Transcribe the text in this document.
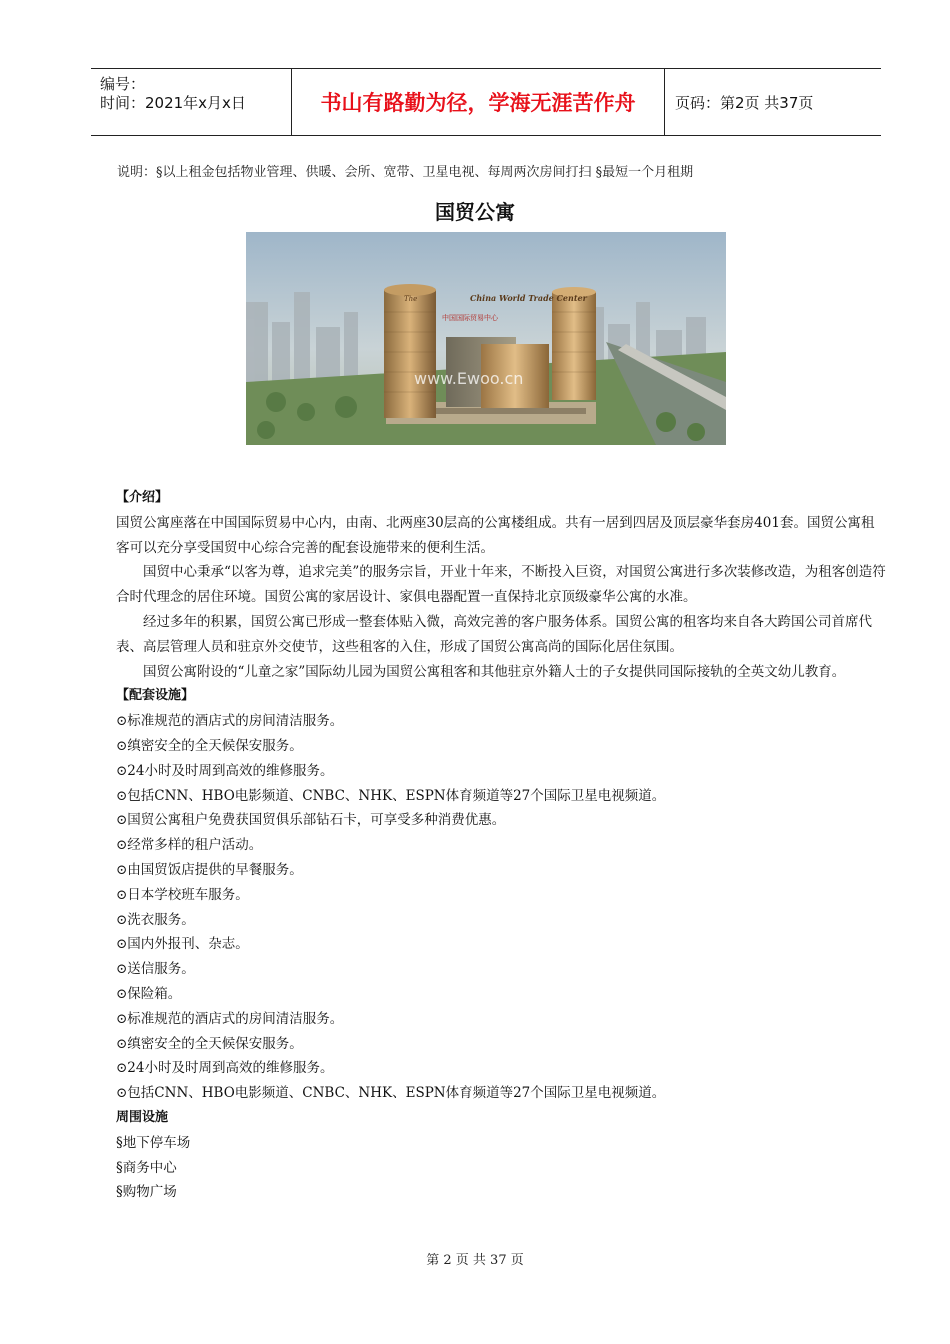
编号：
时间：2021年x月x日	书山有路勤为径，学海无涯苦作舟	页码：第2页 共37页
说明：§以上租金包括物业管理、供暖、会所、宽带、卫星电视、每周两次房间打扫 §最短一个月租期
国贸公寓
The	China World Trade Center
中国国际贸易中心
www.Ewoo.cn

【介绍】

国贸公寓座落在中国国际贸易中心内，由南、北两座30层高的公寓楼组成。共有一居到四居及顶层豪华套房401套。国贸公寓租客可以充分享受国贸中心综合完善的配套设施带来的便利生活。

国贸中心秉承“以客为尊，追求完美”的服务宗旨，开业十年来，不断投入巨资，对国贸公寓进行多次装修改造，为租客创造符合时代理念的居住环境。国贸公寓的家居设计、家俱电器配置一直保持北京顶级豪华公寓的水准。

经过多年的积累，国贸公寓已形成一整套体贴入微，高效完善的客户服务体系。国贸公寓的租客均来自各大跨国公司首席代表、高层管理人员和驻京外交使节，这些租客的入住，形成了国贸公寓高尚的国际化居住氛围。

国贸公寓附设的“儿童之家”国际幼儿园为国贸公寓租客和其他驻京外籍人士的子女提供同国际接轨的全英文幼儿教育。

【配套设施】

⊙标准规范的酒店式的房间清洁服务。

⊙缜密安全的全天候保安服务。

⊙24小时及时周到高效的维修服务。

⊙包括CNN、HBO电影频道、CNBC、NHK、ESPN体育频道等27个国际卫星电视频道。

⊙国贸公寓租户免费获国贸俱乐部钻石卡，可享受多种消费优惠。

⊙经常多样的租户活动。

⊙由国贸饭店提供的早餐服务。

⊙日本学校班车服务。

⊙洗衣服务。

⊙国内外报刊、杂志。

⊙送信服务。

⊙保险箱。

⊙标准规范的酒店式的房间清洁服务。

⊙缜密安全的全天候保安服务。

⊙24小时及时周到高效的维修服务。

⊙包括CNN、HBO电影频道、CNBC、NHK、ESPN体育频道等27个国际卫星电视频道。

周围设施

§地下停车场

§商务中心

§购物广场

第 2 页 共 37 页
